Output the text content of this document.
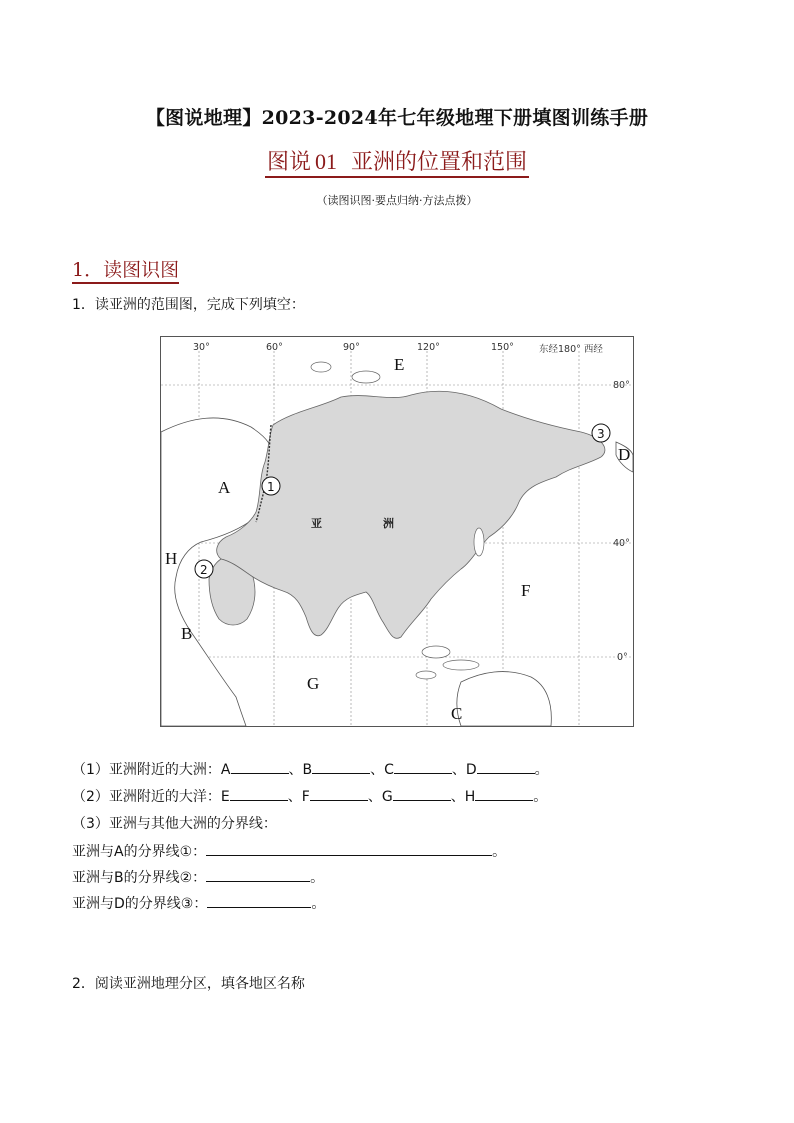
【图说地理】2023-2024年七年级地理下册填图训练手册
图说 01 亚洲的位置和范围
（读图识图·要点归纳·方法点拨）
1．读图识图
1．读亚洲的范围图，完成下列填空：
30°	60°	90°	120°	150°	东经180° 西经
80°
40°
0°
A
B
C
D
E
F
G
H
1
2
3
亚	洲
（1）亚洲附近的大洲：A	、B	、C	、D	。
（2）亚洲附近的大洋：E	、F	、G	、H	。
（3）亚洲与其他大洲的分界线：
亚洲与A的分界线①：	。
亚洲与B的分界线②：	。
亚洲与D的分界线③：	。
2．阅读亚洲地理分区，填各地区名称
